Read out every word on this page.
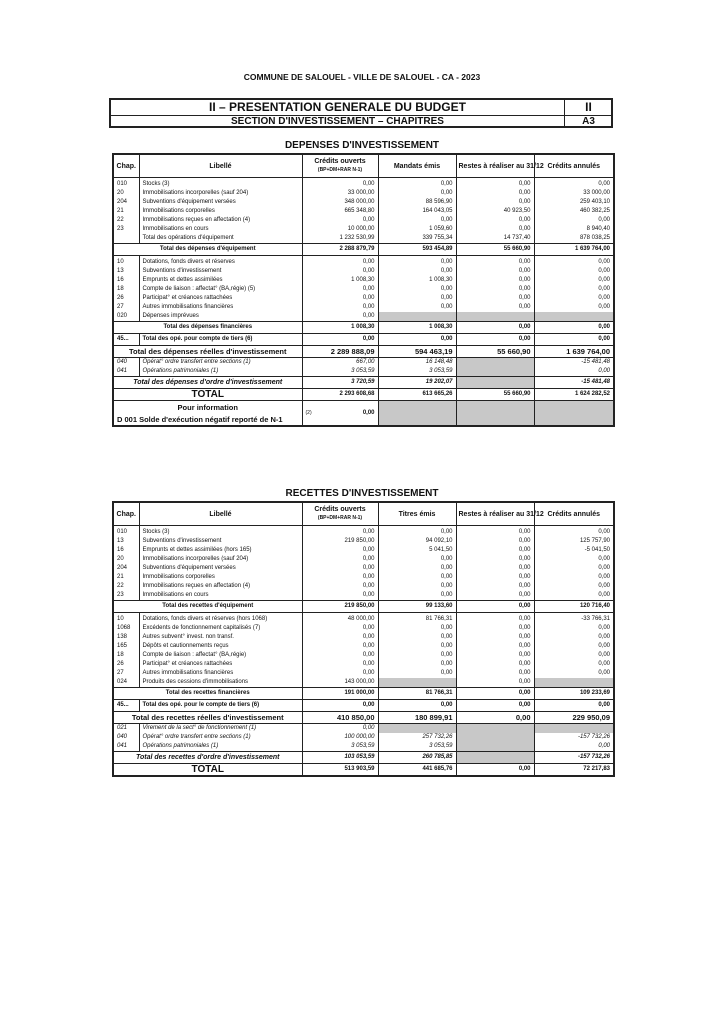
COMMUNE DE SALOUEL - VILLE DE SALOUEL - CA - 2023
II – PRESENTATION GENERALE DU BUDGET	II
SECTION D'INVESTISSEMENT – CHAPITRES	A3
DEPENSES D'INVESTISSEMENT
Chap.	Libellé	Crédits ouverts
(BP+DM+RAR N-1)	Mandats émis	Restes à réaliser au 31/12	Crédits annulés
010	Stocks (3)	0,00	0,00	0,00	0,00
20	Immobilisations incorporelles (sauf 204)	33 000,00	0,00	0,00	33 000,00
204	Subventions d'équipement versées	348 000,00	88 596,90	0,00	259 403,10
21	Immobilisations corporelles	665 348,80	164 043,05	40 923,50	460 382,25
22	Immobilisations reçues en affectation (4)	0,00	0,00	0,00	0,00
23	Immobilisations en cours	10 000,00	1 059,60	0,00	8 940,40
	Total des opérations d'équipement	1 232 530,99	339 755,34	14 737,40	878 038,25
Total des dépenses d'équipement		2 288 879,79	593 454,89	55 660,90	1 639 764,00
10	Dotations, fonds divers et réserves	0,00	0,00	0,00	0,00
13	Subventions d'investissement	0,00	0,00	0,00	0,00
16	Emprunts et dettes assimilées	1 008,30	1 008,30	0,00	0,00
18	Compte de liaison : affectat° (BA,régie) (5)	0,00	0,00	0,00	0,00
26	Participat° et créances rattachées	0,00	0,00	0,00	0,00
27	Autres immobilisations financières	0,00	0,00	0,00	0,00
020	Dépenses imprévues	0,00			
Total des dépenses financières		1 008,30	1 008,30	0,00	0,00
45...	Total des opé. pour compte de tiers (6)	0,00	0,00	0,00	0,00
Total des dépenses réelles d'investissement		2 289 888,09	594 463,19	55 660,90	1 639 764,00
040	Opérat° ordre transfert entre sections (1)	667,00	16 148,48		-15 481,48
041	Opérations patrimoniales (1)	3 053,59	3 053,59		0,00
Total des dépenses d'ordre d'investissement		3 720,59	19 202,07		-15 481,48
TOTAL		2 293 608,68	613 665,26	55 660,90	1 624 282,52
Pour information		(2) 0,00			

D 001 Solde d'exécution négatif reporté de N-1					
RECETTES D'INVESTISSEMENT
Chap.	Libellé	Crédits ouverts
(BP+DM+RAR N-1)	Titres émis	Restes à réaliser au 31/12	Crédits annulés
010	Stocks (3)	0,00	0,00	0,00	0,00
13	Subventions d'investissement	219 850,00	94 092,10	0,00	125 757,90
16	Emprunts et dettes assimilées (hors 165)	0,00	5 041,50	0,00	-5 041,50
20	Immobilisations incorporelles (sauf 204)	0,00	0,00	0,00	0,00
204	Subventions d'équipement versées	0,00	0,00	0,00	0,00
21	Immobilisations corporelles	0,00	0,00	0,00	0,00
22	Immobilisations reçues en affectation (4)	0,00	0,00	0,00	0,00
23	Immobilisations en cours	0,00	0,00	0,00	0,00
Total des recettes d'équipement		219 850,00	99 133,60	0,00	120 716,40
10	Dotations, fonds divers et réserves (hors 1068)	48 000,00	81 766,31	0,00	-33 766,31
1068	Excédents de fonctionnement capitalisés (7)	0,00	0,00	0,00	0,00
138	Autres subvent° invest. non transf.	0,00	0,00	0,00	0,00
165	Dépôts et cautionnements reçus	0,00	0,00	0,00	0,00
18	Compte de liaison : affectat° (BA,régie)	0,00	0,00	0,00	0,00
26	Participat° et créances rattachées	0,00	0,00	0,00	0,00
27	Autres immobilisations financières	0,00	0,00	0,00	0,00
024	Produits des cessions d'immobilisations	143 000,00		0,00	
Total des recettes financières		191 000,00	81 766,31	0,00	109 233,69
45...	Total des opé. pour le compte de tiers (6)	0,00	0,00	0,00	0,00
Total des recettes réelles d'investissement		410 850,00	180 899,91	0,00	229 950,09
021	Virement de la sect° de fonctionnement (1)	0,00			
040	Opérat° ordre transfert entre sections (1)	100 000,00	257 732,26		-157 732,26
041	Opérations patrimoniales (1)	3 053,59	3 053,59		0,00
Total des recettes d'ordre d'investissement		103 053,59	260 785,85		-157 732,26
TOTAL		513 903,59	441 685,76	0,00	72 217,83
